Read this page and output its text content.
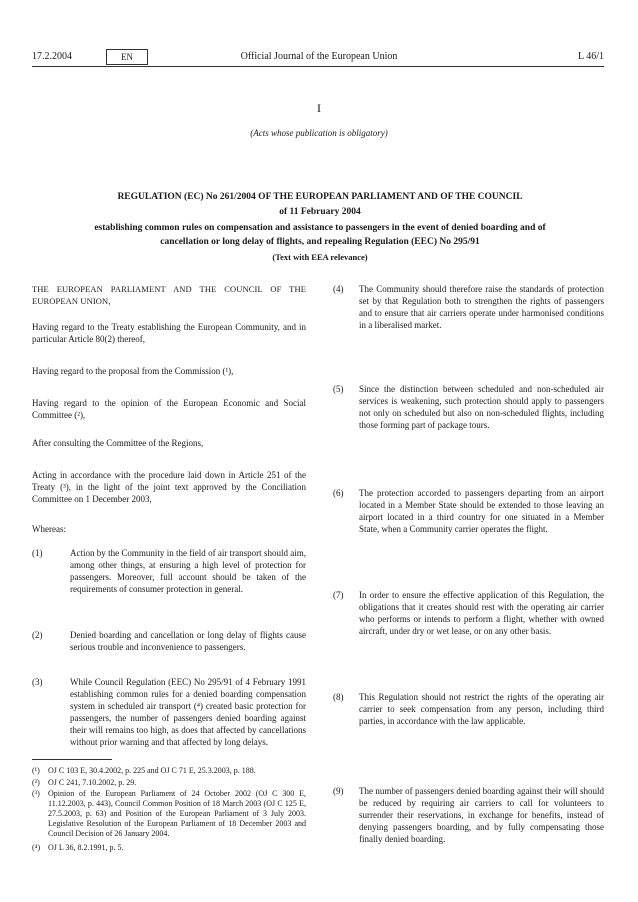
17.2.2004	EN	Official Journal of the European Union	L 46/1
I
(Acts whose publication is obligatory)
REGULATION (EC) No 261/2004 OF THE EUROPEAN PARLIAMENT AND OF THE COUNCIL
of 11 February 2004
establishing common rules on compensation and assistance to passengers in the event of denied boarding and of cancellation or long delay of flights, and repealing Regulation (EEC) No 295/91
(Text with EEA relevance)

THE EUROPEAN PARLIAMENT AND THE COUNCIL OF THE EUROPEAN UNION,

Having regard to the Treaty establishing the European Community, and in particular Article 80(2) thereof,

Having regard to the proposal from the Commission (¹),

Having regard to the opinion of the European Economic and Social Committee (²),

After consulting the Committee of the Regions,

Acting in accordance with the procedure laid down in Article 251 of the Treaty (³), in the light of the joint text approved by the Conciliation Committee on 1 December 2003,

Whereas:

(1)	Action by the Community in the field of air transport should aim, among other things, at ensuring a high level of protection for passengers. Moreover, full account should be taken of the requirements of consumer protection in general.
(2)	Denied boarding and cancellation or long delay of flights cause serious trouble and inconvenience to passengers.
(3)	While Council Regulation (EEC) No 295/91 of 4 February 1991 establishing common rules for a denied boarding compensation system in scheduled air transport (⁴) created basic protection for passengers, the number of passengers denied boarding against their will remains too high, as does that affected by cancellations without prior warning and that affected by long delays.
(¹) OJ C 103 E, 30.4.2002, p. 225 and OJ C 71 E, 25.3.2003, p. 188.
(²) OJ C 241, 7.10.2002, p. 29.
(³) Opinion of the European Parliament of 24 October 2002 (OJ C 300 E, 11.12.2003, p. 443), Council Common Position of 18 March 2003 (OJ C 125 E, 27.5.2003, p. 63) and Position of the European Parliament of 3 July 2003. Legislative Resolution of the European Parliament of 18 December 2003 and Council Decision of 26 January 2004.
(⁴) OJ L 36, 8.2.1991, p. 5.
(4) The Community should therefore raise the standards of protection set by that Regulation both to strengthen the rights of passengers and to ensure that air carriers operate under harmonised conditions in a liberalised market.
(5) Since the distinction between scheduled and non-scheduled air services is weakening, such protection should apply to passengers not only on scheduled but also on non-scheduled flights, including those forming part of package tours.
(6) The protection accorded to passengers departing from an airport located in a Member State should be extended to those leaving an airport located in a third country for one situated in a Member State, when a Community carrier operates the flight.
(7) In order to ensure the effective application of this Regulation, the obligations that it creates should rest with the operating air carrier who performs or intends to perform a flight, whether with owned aircraft, under dry or wet lease, or on any other basis.
(8) This Regulation should not restrict the rights of the operating air carrier to seek compensation from any person, including third parties, in accordance with the law applicable.
(9) The number of passengers denied boarding against their will should be reduced by requiring air carriers to call for volunteers to surrender their reservations, in exchange for benefits, instead of denying passengers boarding, and by fully compensating those finally denied boarding.
